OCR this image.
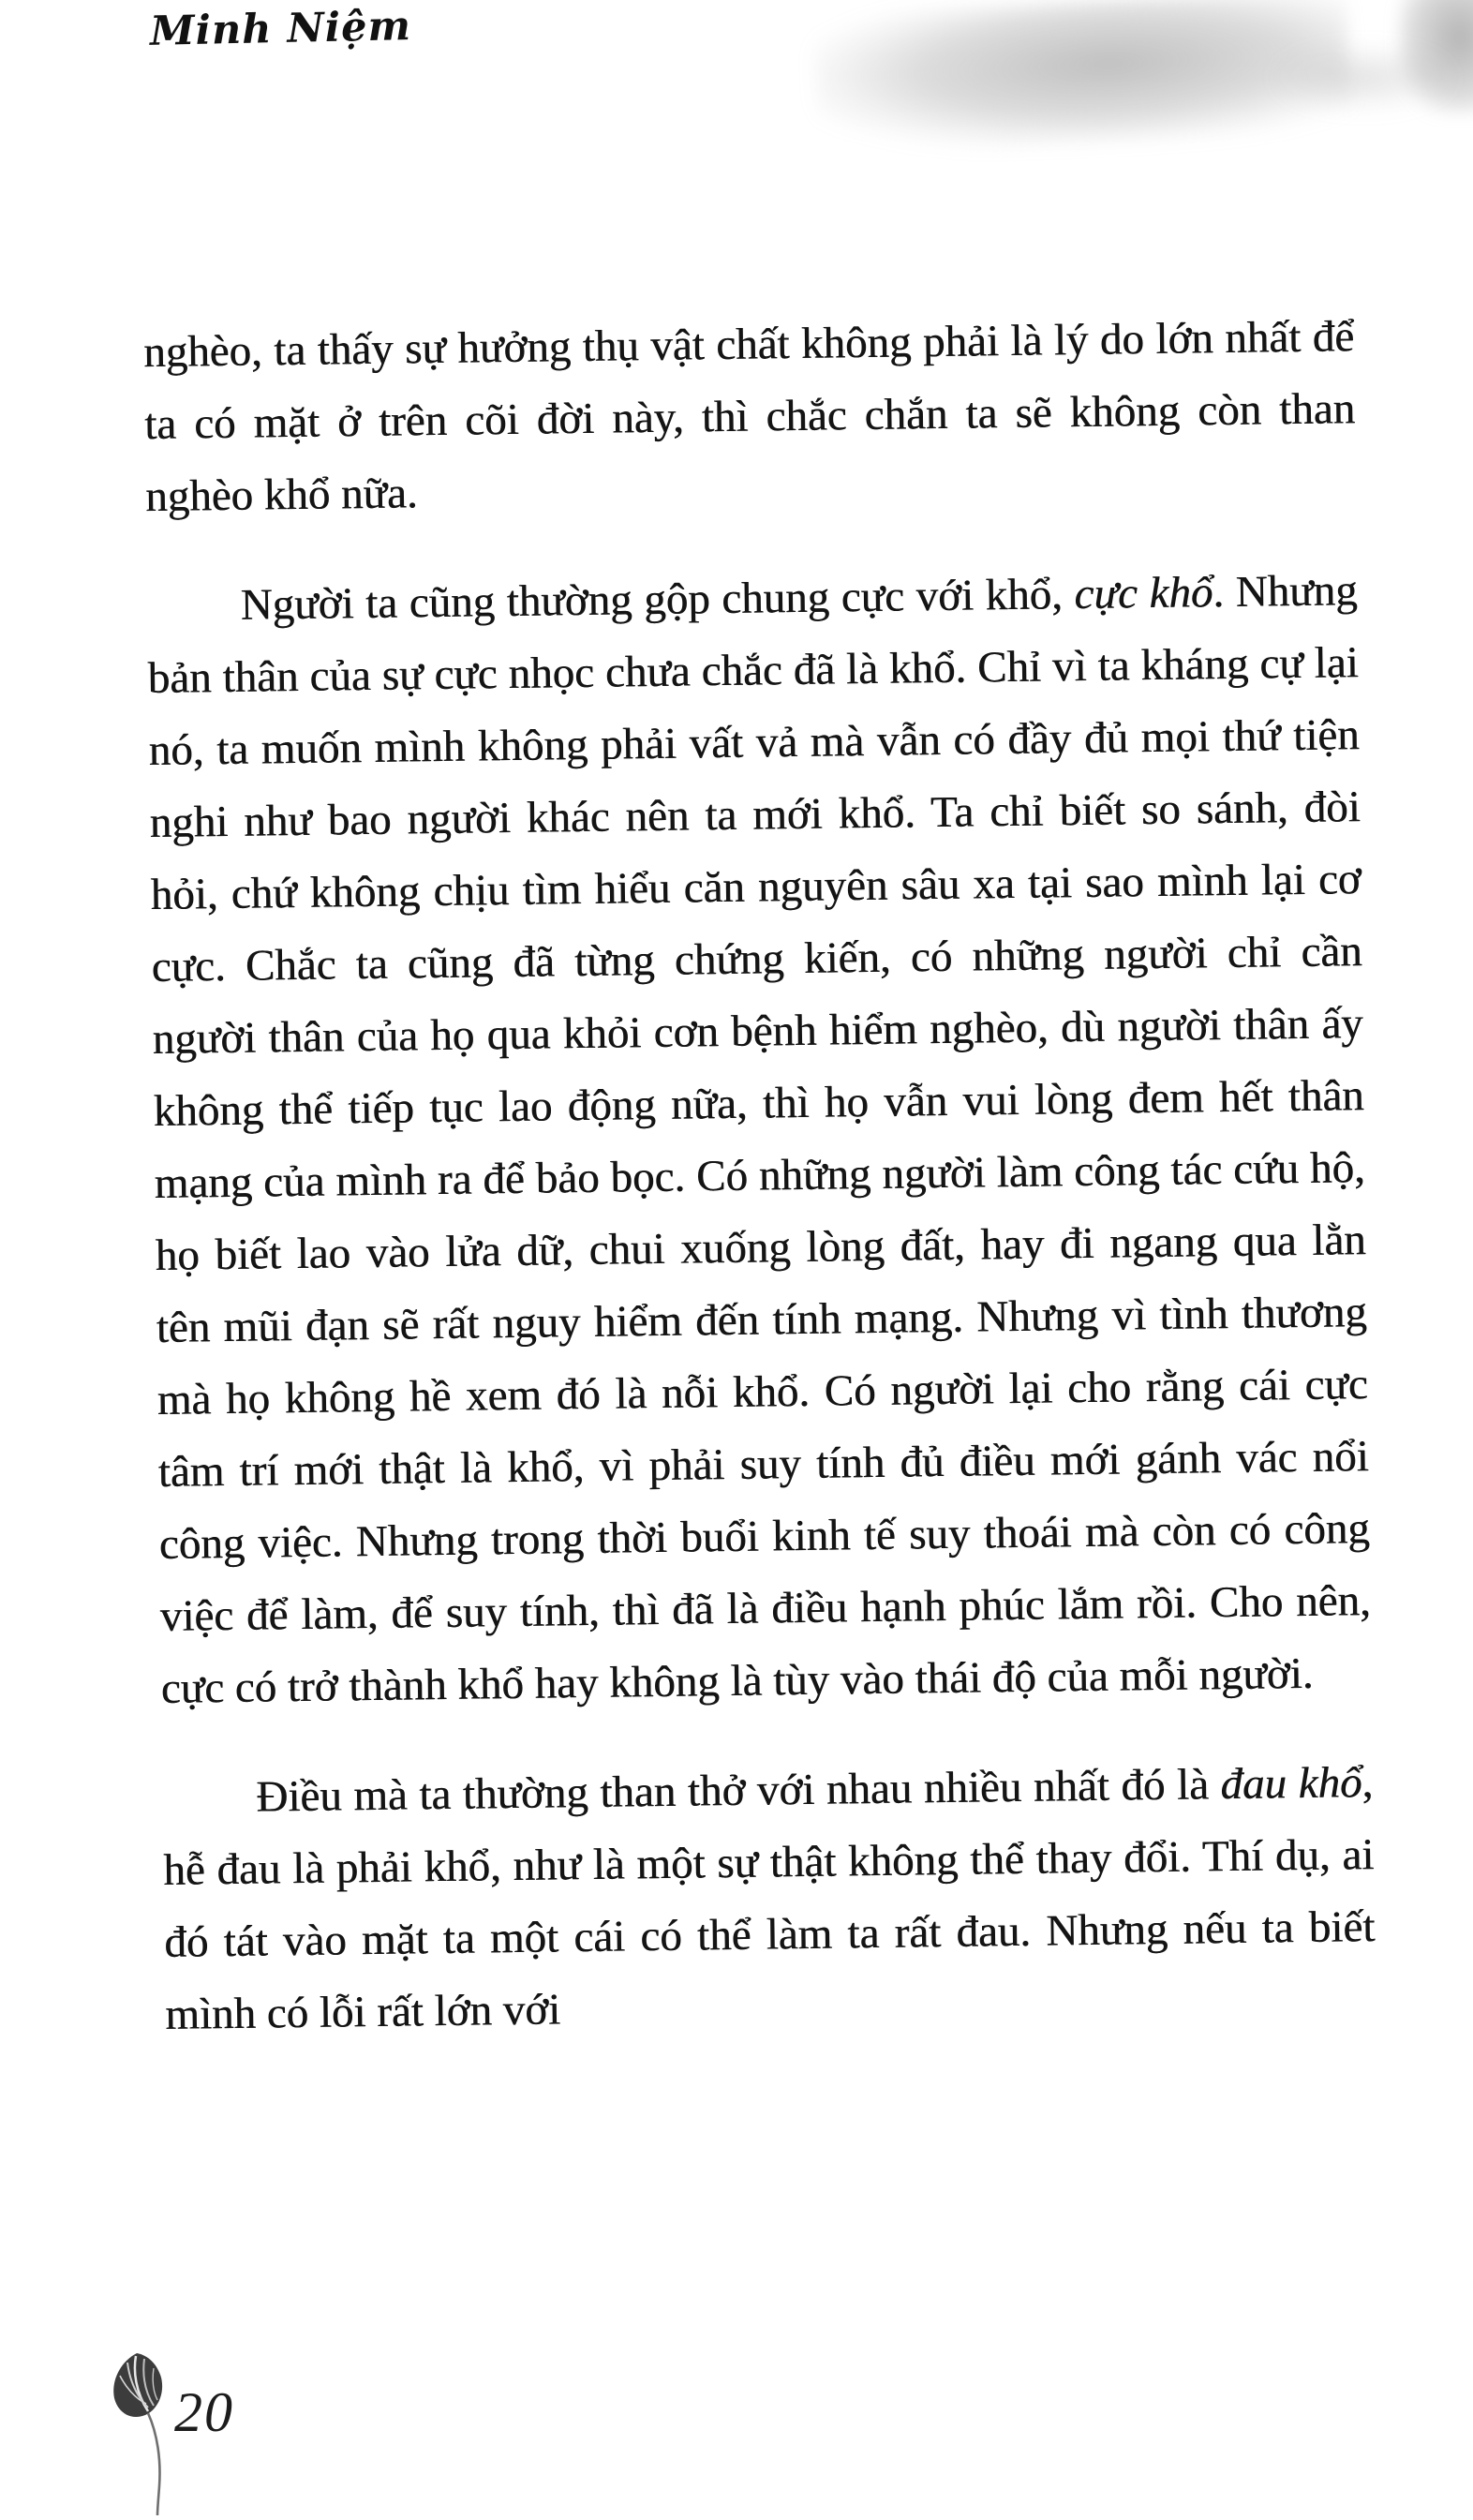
Minh Niệm

nghèo, ta thấy sự hưởng thụ vật chất không phải là lý do lớn nhất để ta có mặt ở trên cõi đời này, thì chắc chắn ta sẽ không còn than nghèo khổ nữa.

Người ta cũng thường gộp chung cực với khổ, cực khổ. Nhưng bản thân của sự cực nhọc chưa chắc đã là khổ. Chỉ vì ta kháng cự lại nó, ta muốn mình không phải vất vả mà vẫn có đầy đủ mọi thứ tiện nghi như bao người khác nên ta mới khổ. Ta chỉ biết so sánh, đòi hỏi, chứ không chịu tìm hiểu căn nguyên sâu xa tại sao mình lại cơ cực. Chắc ta cũng đã từng chứng kiến, có những người chỉ cần người thân của họ qua khỏi cơn bệnh hiểm nghèo, dù người thân ấy không thể tiếp tục lao động nữa, thì họ vẫn vui lòng đem hết thân mạng của mình ra để bảo bọc. Có những người làm công tác cứu hộ, họ biết lao vào lửa dữ, chui xuống lòng đất, hay đi ngang qua lằn tên mũi đạn sẽ rất nguy hiểm đến tính mạng. Nhưng vì tình thương mà họ không hề xem đó là nỗi khổ. Có người lại cho rằng cái cực tâm trí mới thật là khổ, vì phải suy tính đủ điều mới gánh vác nổi công việc. Nhưng trong thời buổi kinh tế suy thoái mà còn có công việc để làm, để suy tính, thì đã là điều hạnh phúc lắm rồi. Cho nên, cực có trở thành khổ hay không là tùy vào thái độ của mỗi người.

Điều mà ta thường than thở với nhau nhiều nhất đó là đau khổ, hễ đau là phải khổ, như là một sự thật không thể thay đổi. Thí dụ, ai đó tát vào mặt ta một cái có thể làm ta rất đau. Nhưng nếu ta biết mình có lỗi rất lớn với

20
